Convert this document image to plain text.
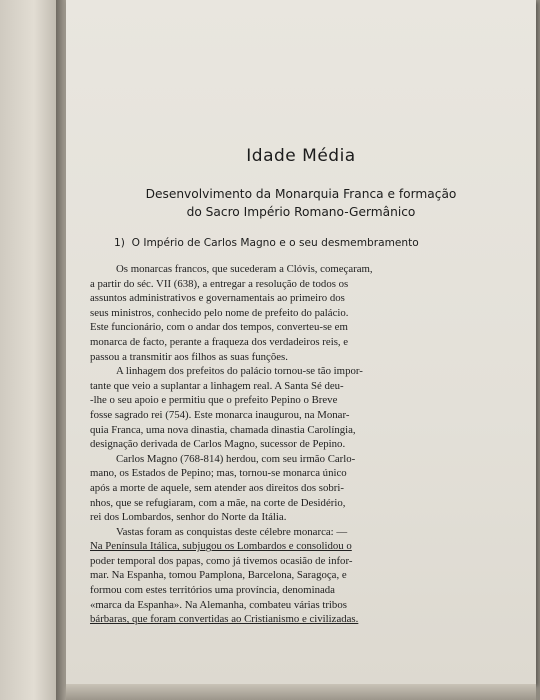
Idade Média
Desenvolvimento da Monarquia Franca e formação
do Sacro Império Romano-Germânico
1) O Império de Carlos Magno e o seu desmembramento
Os monarcas francos, que sucederam a Clóvis, começaram,
a partir do séc. VII (638), a entregar a resolução de todos os
assuntos administrativos e governamentais ao primeiro dos
seus ministros, conhecido pelo nome de prefeito do palácio.
Este funcionário, com o andar dos tempos, converteu-se em
monarca de facto, perante a fraqueza dos verdadeiros reis, e
passou a transmitir aos filhos as suas funções.
A linhagem dos prefeitos do palácio tornou-se tão impor-
tante que veio a suplantar a linhagem real. A Santa Sé deu-
-lhe o seu apoio e permitiu que o prefeito Pepino o Breve
fosse sagrado rei (754). Este monarca inaugurou, na Monar-
quia Franca, uma nova dinastia, chamada dinastia Carolíngia,
designação derivada de Carlos Magno, sucessor de Pepino.
Carlos Magno (768-814) herdou, com seu irmão Carlo-
mano, os Estados de Pepino; mas, tornou-se monarca único
após a morte de aquele, sem atender aos direitos dos sobri-
nhos, que se refugiaram, com a mãe, na corte de Desidério,
rei dos Lombardos, senhor do Norte da Itália.
Vastas foram as conquistas deste célebre monarca: —
Na Península Itálica, subjugou os Lombardos e consolidou o
poder temporal dos papas, como já tivemos ocasião de infor-
mar. Na Espanha, tomou Pamplona, Barcelona, Saragoça, e
formou com estes territórios uma província, denominada
«marca da Espanha». Na Alemanha, combateu várias tribos
bárbaras, que foram convertidas ao Cristianismo e civilizadas.
